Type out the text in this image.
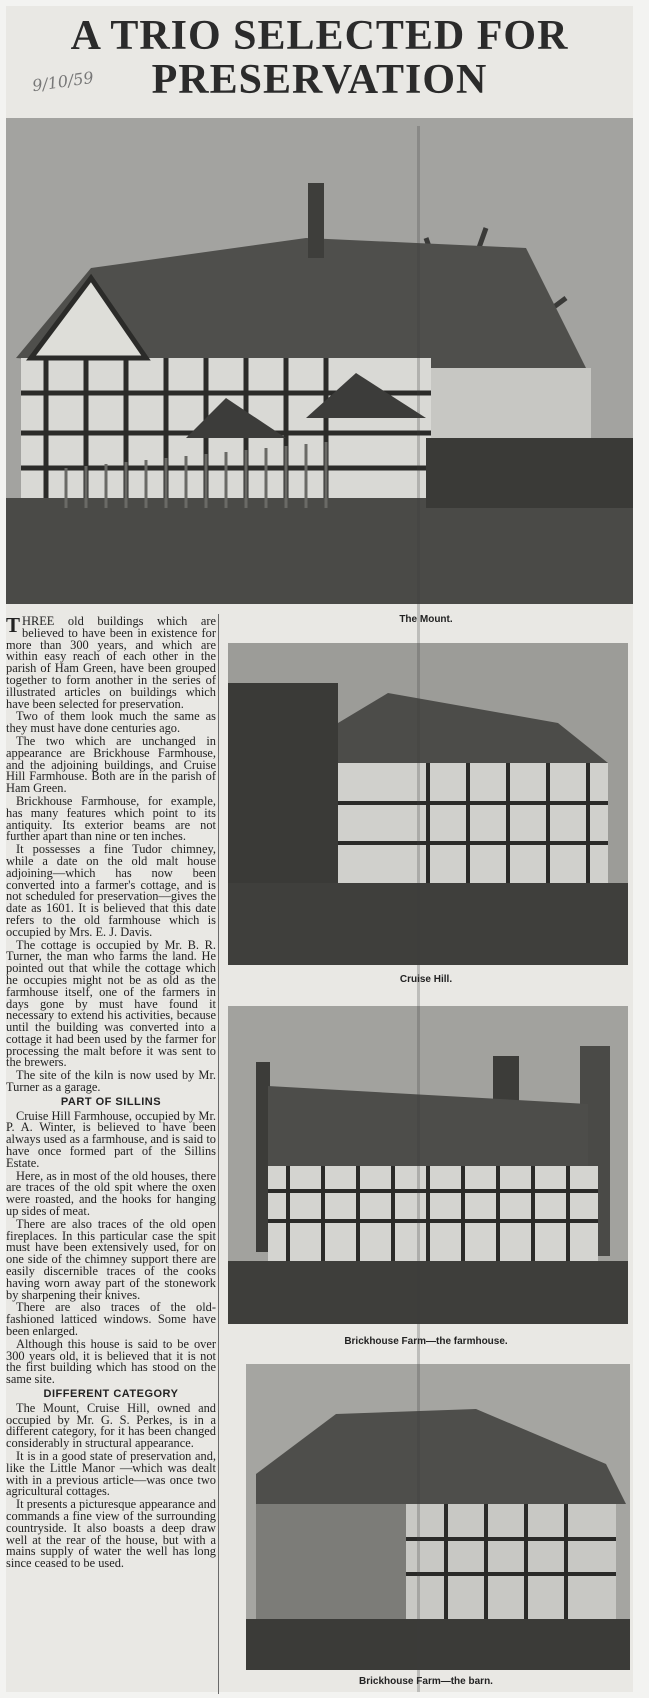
A TRIO SELECTED FOR
PRESERVATION
9/10/59

THREE old buildings which are believed to have been in existence for more than 300 years, and which are within easy reach of each other in the parish of Ham Green, have been grouped together to form another in the series of illustrated articles on buildings which have been selected for preservation.

Two of them look much the same as they must have done centuries ago.

The two which are unchanged in appearance are Brickhouse Farmhouse, and the adjoining buildings, and Cruise Hill Farmhouse. Both are in the parish of Ham Green.

Brickhouse Farmhouse, for example, has many features which point to its antiquity. Its exterior beams are not further apart than nine or ten inches.

It possesses a fine Tudor chimney, while a date on the old malt house adjoining—which has now been converted into a farmer's cottage, and is not scheduled for preservation—gives the date as 1601. It is believed that this date refers to the old farmhouse which is occupied by Mrs. E. J. Davis.

The cottage is occupied by Mr. B. R. Turner, the man who farms the land. He pointed out that while the cottage which he occupies might not be as old as the farmhouse itself, one of the farmers in days gone by must have found it necessary to extend his activities, because until the building was converted into a cottage it had been used by the farmer for processing the malt before it was sent to the brewers.

The site of the kiln is now used by Mr. Turner as a garage.

PART OF SILLINS

Cruise Hill Farmhouse, occupied by Mr. P. A. Winter, is believed to have been always used as a farmhouse, and is said to have once formed part of the Sillins Estate.

Here, as in most of the old houses, there are traces of the old spit where the oxen were roasted, and the hooks for hanging up sides of meat.

There are also traces of the old open fireplaces. In this particular case the spit must have been extensively used, for on one side of the chimney support there are easily discernible traces of the cooks having worn away part of the stonework by sharpening their knives.

There are also traces of the old-fashioned latticed windows. Some have been enlarged.

Although this house is said to be over 300 years old, it is believed that it is not the first building which has stood on the same site.

DIFFERENT CATEGORY

The Mount, Cruise Hill, owned and occupied by Mr. G. S. Perkes, is in a different category, for it has been changed considerably in structural appearance.

It is in a good state of preservation and, like the Little Manor —which was dealt with in a previous article—was once two agricultural cottages.

It presents a picturesque appearance and commands a fine view of the surrounding countryside. It also boasts a deep draw well at the rear of the house, but with a mains supply of water the well has long since ceased to be used.

The Mount.
Cruise Hill.
Brickhouse Farm—the farmhouse.
Brickhouse Farm—the barn.
